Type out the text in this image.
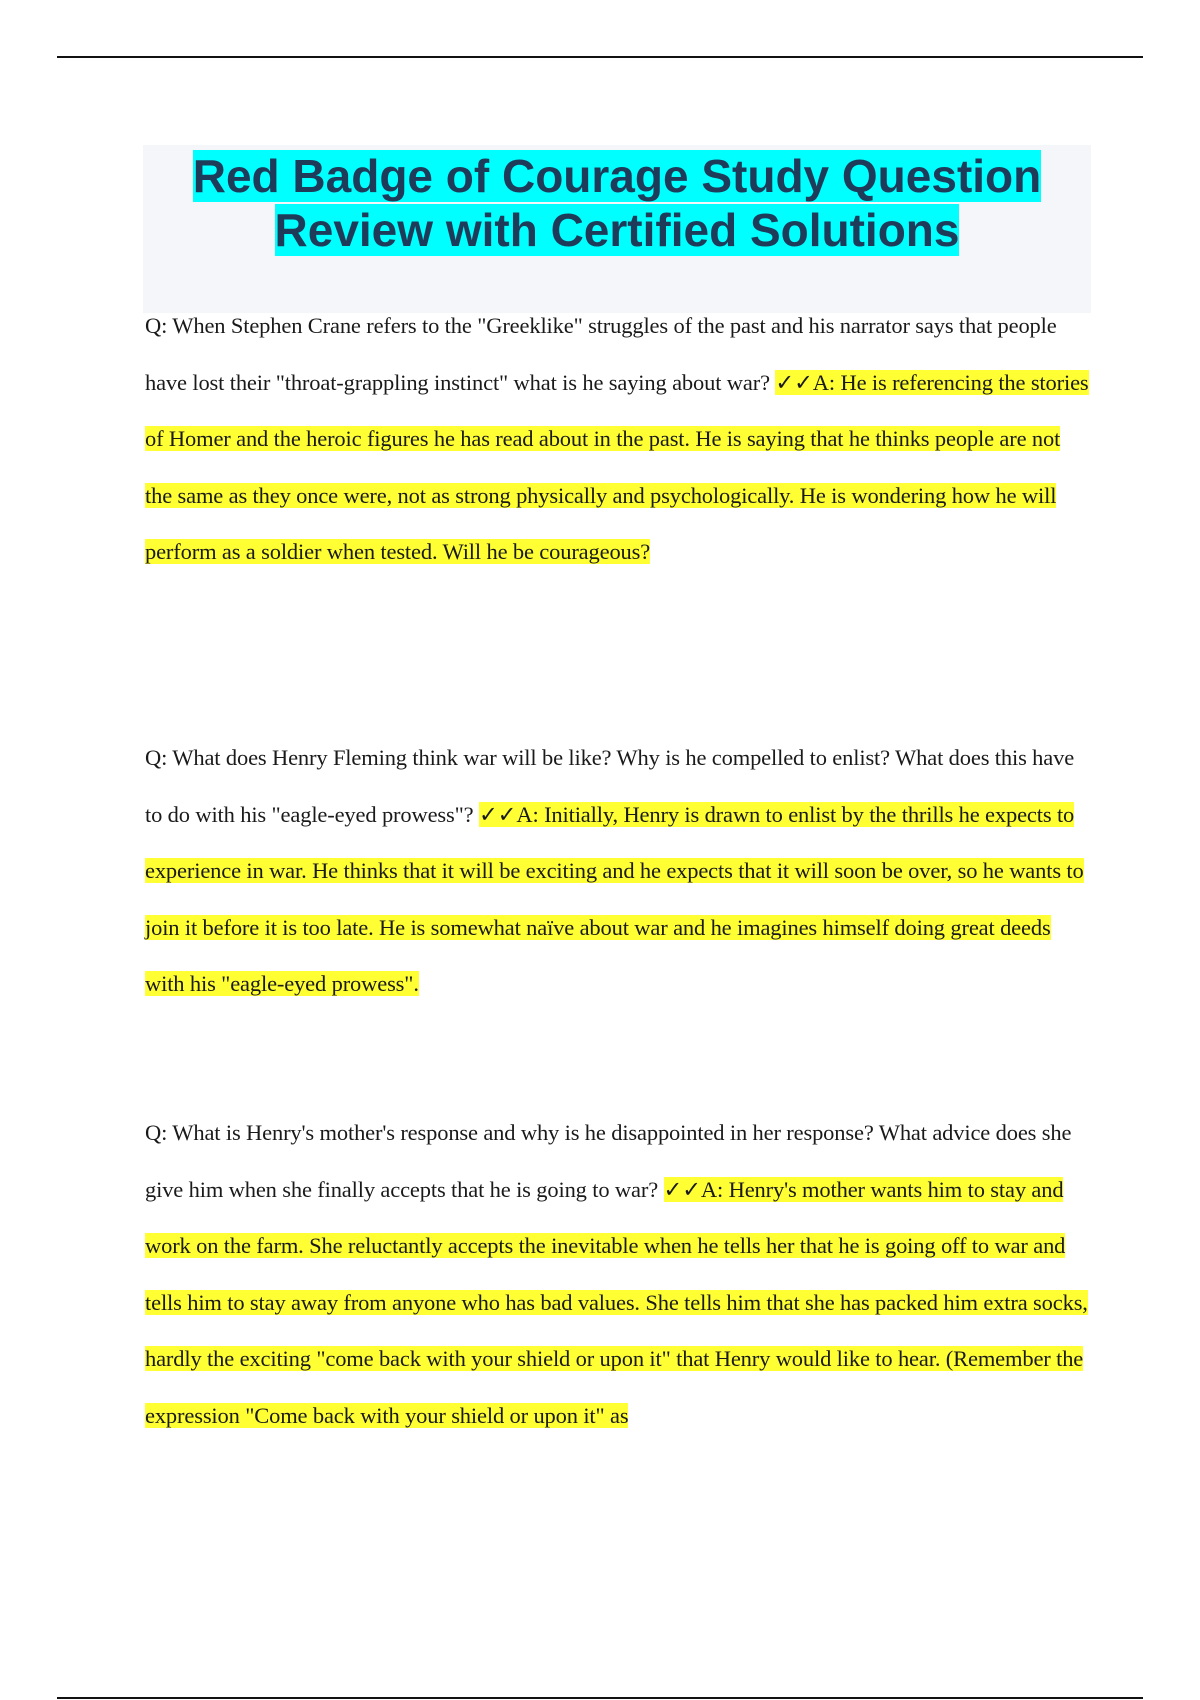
Red Badge of Courage Study Question
Review with Certified Solutions

Q: When Stephen Crane refers to the "Greeklike" struggles of the past and his narrator says that people have lost their "throat-grappling instinct" what is he saying about war? ✓✓A: He is referencing the stories of Homer and the heroic figures he has read about in the past. He is saying that he thinks people are not the same as they once were, not as strong physically and psychologically. He is wondering how he will perform as a soldier when tested. Will he be courageous?

Q: What does Henry Fleming think war will be like? Why is he compelled to enlist? What does this have to do with his "eagle-eyed prowess"? ✓✓A: Initially, Henry is drawn to enlist by the thrills he expects to experience in war. He thinks that it will be exciting and he expects that it will soon be over, so he wants to join it before it is too late. He is somewhat naïve about war and he imagines himself doing great deeds with his "eagle-eyed prowess".

Q: What is Henry's mother's response and why is he disappointed in her response? What advice does she give him when she finally accepts that he is going to war? ✓✓A: Henry's mother wants him to stay and work on the farm. She reluctantly accepts the inevitable when he tells her that he is going off to war and tells him to stay away from anyone who has bad values. She tells him that she has packed him extra socks, hardly the exciting "come back with your shield or upon it" that Henry would like to hear. (Remember the expression "Come back with your shield or upon it" as
